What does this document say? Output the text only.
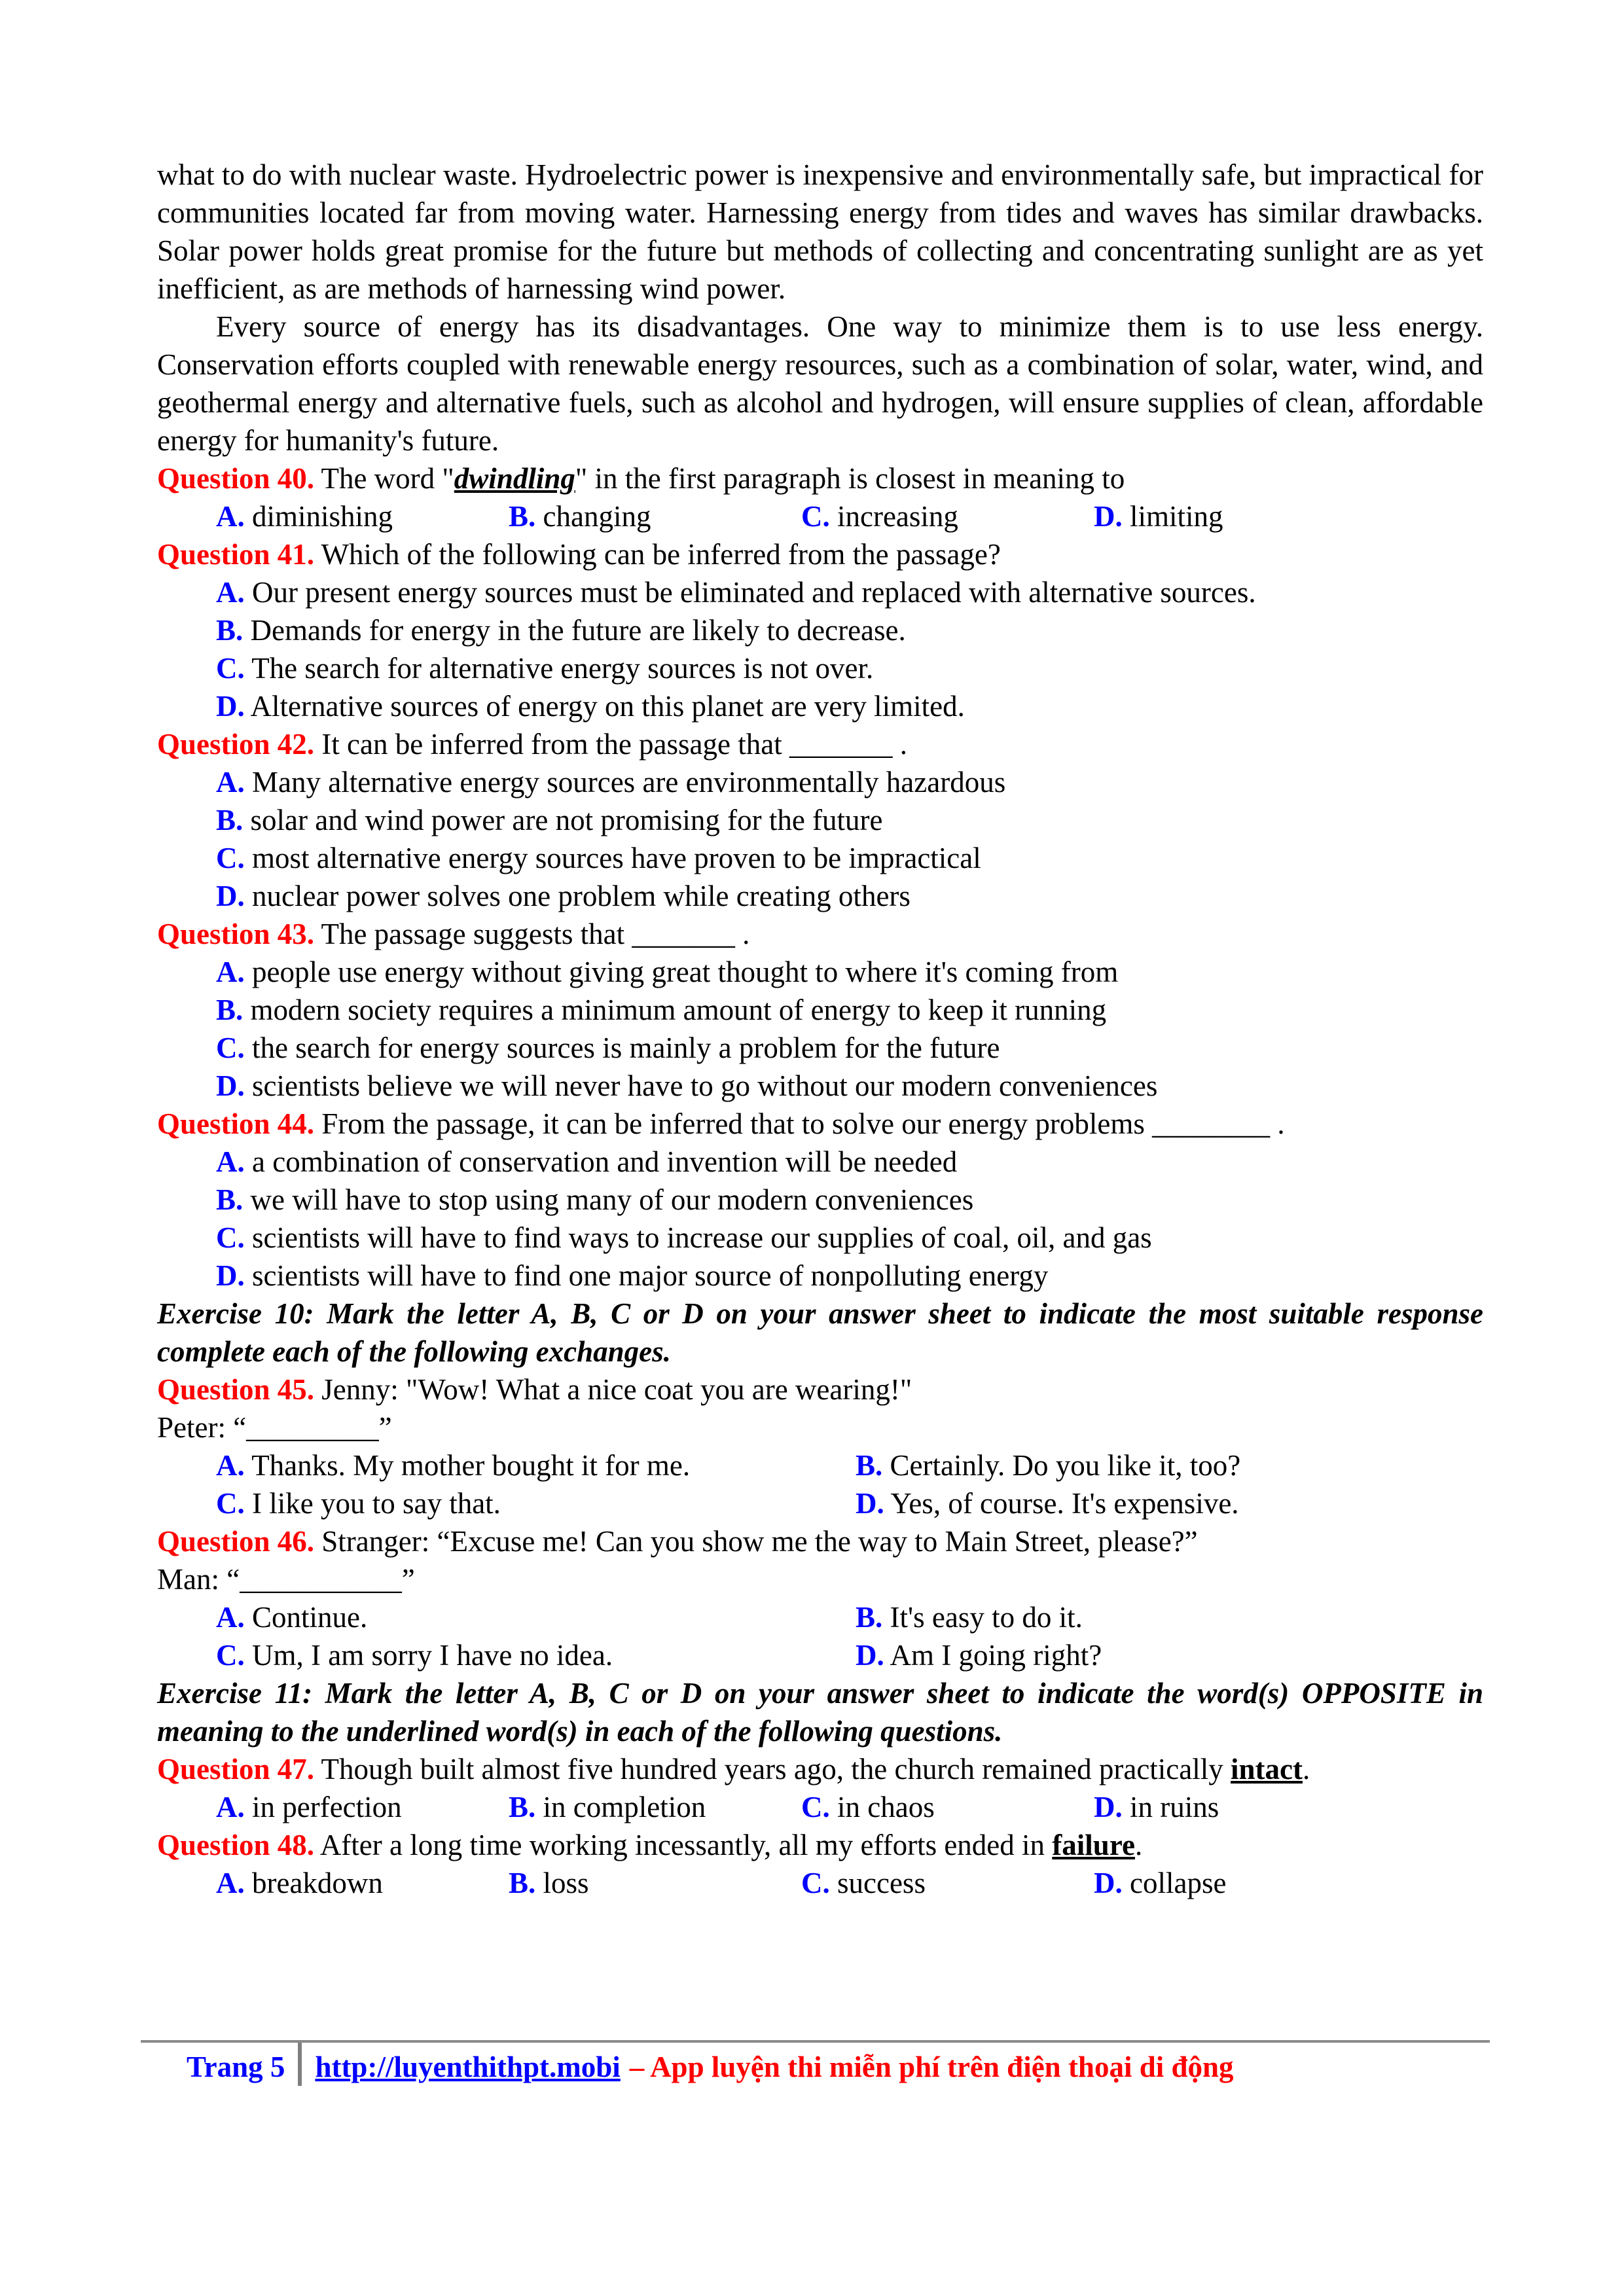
what to do with nuclear waste. Hydroelectric power is inexpensive and environmentally safe, but impractical for communities located far from moving water. Harnessing energy from tides and waves has similar drawbacks. Solar power holds great promise for the future but methods of collecting and concentrating sunlight are as yet inefficient, as are methods of harnessing wind power.

Every source of energy has its disadvantages. One way to minimize them is to use less energy. Conservation efforts coupled with renewable energy resources, such as a combination of solar, water, wind, and geothermal energy and alternative fuels, such as alcohol and hydrogen, will ensure supplies of clean, affordable energy for humanity's future.

Question 40. The word "dwindling" in the first paragraph is closest in meaning to

A. diminishing	B. changing	C. increasing	D. limiting

Question 41. Which of the following can be inferred from the passage?

A. Our present energy sources must be eliminated and replaced with alternative sources.
B. Demands for energy in the future are likely to decrease.
C. The search for alternative energy sources is not over.
D. Alternative sources of energy on this planet are very limited.

Question 42. It can be inferred from the passage that _______ .

A. Many alternative energy sources are environmentally hazardous
B. solar and wind power are not promising for the future
C. most alternative energy sources have proven to be impractical
D. nuclear power solves one problem while creating others

Question 43. The passage suggests that _______ .

A. people use energy without giving great thought to where it's coming from
B. modern society requires a minimum amount of energy to keep it running
C. the search for energy sources is mainly a problem for the future
D. scientists believe we will never have to go without our modern conveniences

Question 44. From the passage, it can be inferred that to solve our energy problems ________ .

A. a combination of conservation and invention will be needed
B. we will have to stop using many of our modern conveniences
C. scientists will have to find ways to increase our supplies of coal, oil, and gas
D. scientists will have to find one major source of nonpolluting energy

Exercise 10: Mark the letter A, B, C or D on your answer sheet to indicate the most suitable response complete each of the following exchanges.

Question 45. Jenny: "Wow! What a nice coat you are wearing!"

Peter: “_________”

A. Thanks. My mother bought it for me.	B. Certainly. Do you like it, too?
C. I like you to say that.	D. Yes, of course. It's expensive.

Question 46. Stranger: “Excuse me! Can you show me the way to Main Street, please?”

Man: “___________”

A. Continue.	B. It's easy to do it.
C. Um, I am sorry I have no idea.	D. Am I going right?

Exercise 11: Mark the letter A, B, C or D on your answer sheet to indicate the word(s) OPPOSITE in meaning to the underlined word(s) in each of the following questions.

Question 47. Though built almost five hundred years ago, the church remained practically intact.

A. in perfection	B. in completion	C. in chaos	D. in ruins

Question 48. After a long time working incessantly, all my efforts ended in failure.

A. breakdown	B. loss	C. success	D. collapse
Trang 5 http://luyenthithpt.mobi – App luyện thi miễn phí trên điện thoại di động
